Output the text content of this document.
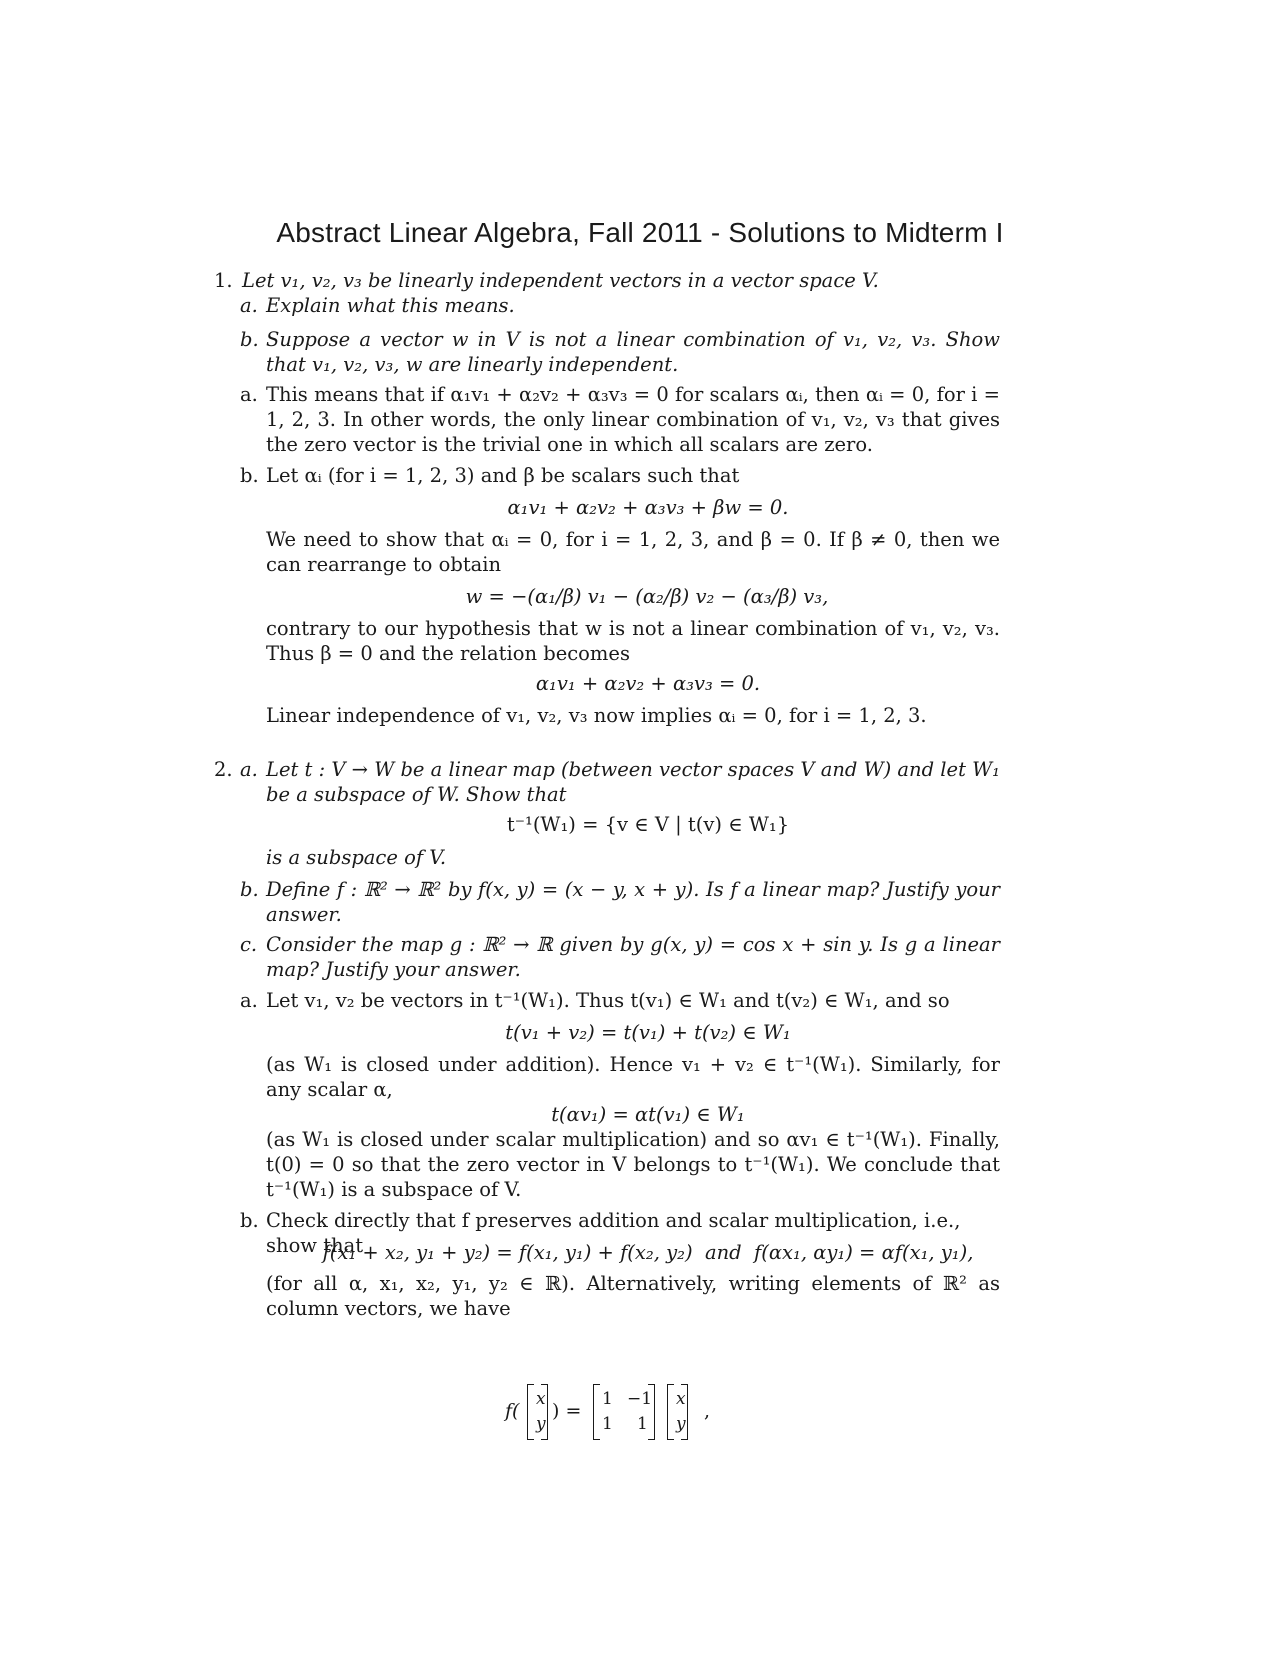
Abstract Linear Algebra, Fall 2011 - Solutions to Midterm I
1. Let v₁, v₂, v₃ be linearly independent vectors in a vector space V.
a. Explain what this means.
b. Suppose a vector w in V is not a linear combination of v₁, v₂, v₃. Show that v₁, v₂, v₃, w are linearly independent.
a. This means that if α₁v₁ + α₂v₂ + α₃v₃ = 0 for scalars αᵢ, then αᵢ = 0, for i = 1, 2, 3. In other words, the only linear combination of v₁, v₂, v₃ that gives the zero vector is the trivial one in which all scalars are zero.
b. Let αᵢ (for i = 1, 2, 3) and β be scalars such that
α₁v₁ + α₂v₂ + α₃v₃ + βw = 0.
We need to show that αᵢ = 0, for i = 1, 2, 3, and β = 0. If β ≠ 0, then we can rearrange to obtain
w = −(α₁/β) v₁ − (α₂/β) v₂ − (α₃/β) v₃,
contrary to our hypothesis that w is not a linear combination of v₁, v₂, v₃. Thus β = 0 and the relation becomes
α₁v₁ + α₂v₂ + α₃v₃ = 0.
Linear independence of v₁, v₂, v₃ now implies αᵢ = 0, for i = 1, 2, 3.
2. a. Let t : V → W be a linear map (between vector spaces V and W) and let W₁ be a subspace of W. Show that
t⁻¹(W₁) = {v ∈ V | t(v) ∈ W₁}
is a subspace of V.
b. Define f : ℝ² → ℝ² by f(x, y) = (x − y, x + y). Is f a linear map? Justify your answer.
c. Consider the map g : ℝ² → ℝ given by g(x, y) = cos x + sin y. Is g a linear map? Justify your answer.
a. Let v₁, v₂ be vectors in t⁻¹(W₁). Thus t(v₁) ∈ W₁ and t(v₂) ∈ W₁, and so
t(v₁ + v₂) = t(v₁) + t(v₂) ∈ W₁
(as W₁ is closed under addition). Hence v₁ + v₂ ∈ t⁻¹(W₁). Similarly, for any scalar α,
t(αv₁) = αt(v₁) ∈ W₁
(as W₁ is closed under scalar multiplication) and so αv₁ ∈ t⁻¹(W₁). Finally, t(0) = 0 so that the zero vector in V belongs to t⁻¹(W₁). We conclude that t⁻¹(W₁) is a subspace of V.
b. Check directly that f preserves addition and scalar multiplication, i.e., show that
f(x₁ + x₂, y₁ + y₂) = f(x₁, y₁) + f(x₂, y₂)  and  f(αx₁, αy₁) = αf(x₁, y₁),
(for all α, x₁, x₂, y₁, y₂ ∈ ℝ). Alternatively, writing elements of ℝ² as column vectors, we have
f(
x
y
) =
1 −1
1 1
x
y
,
